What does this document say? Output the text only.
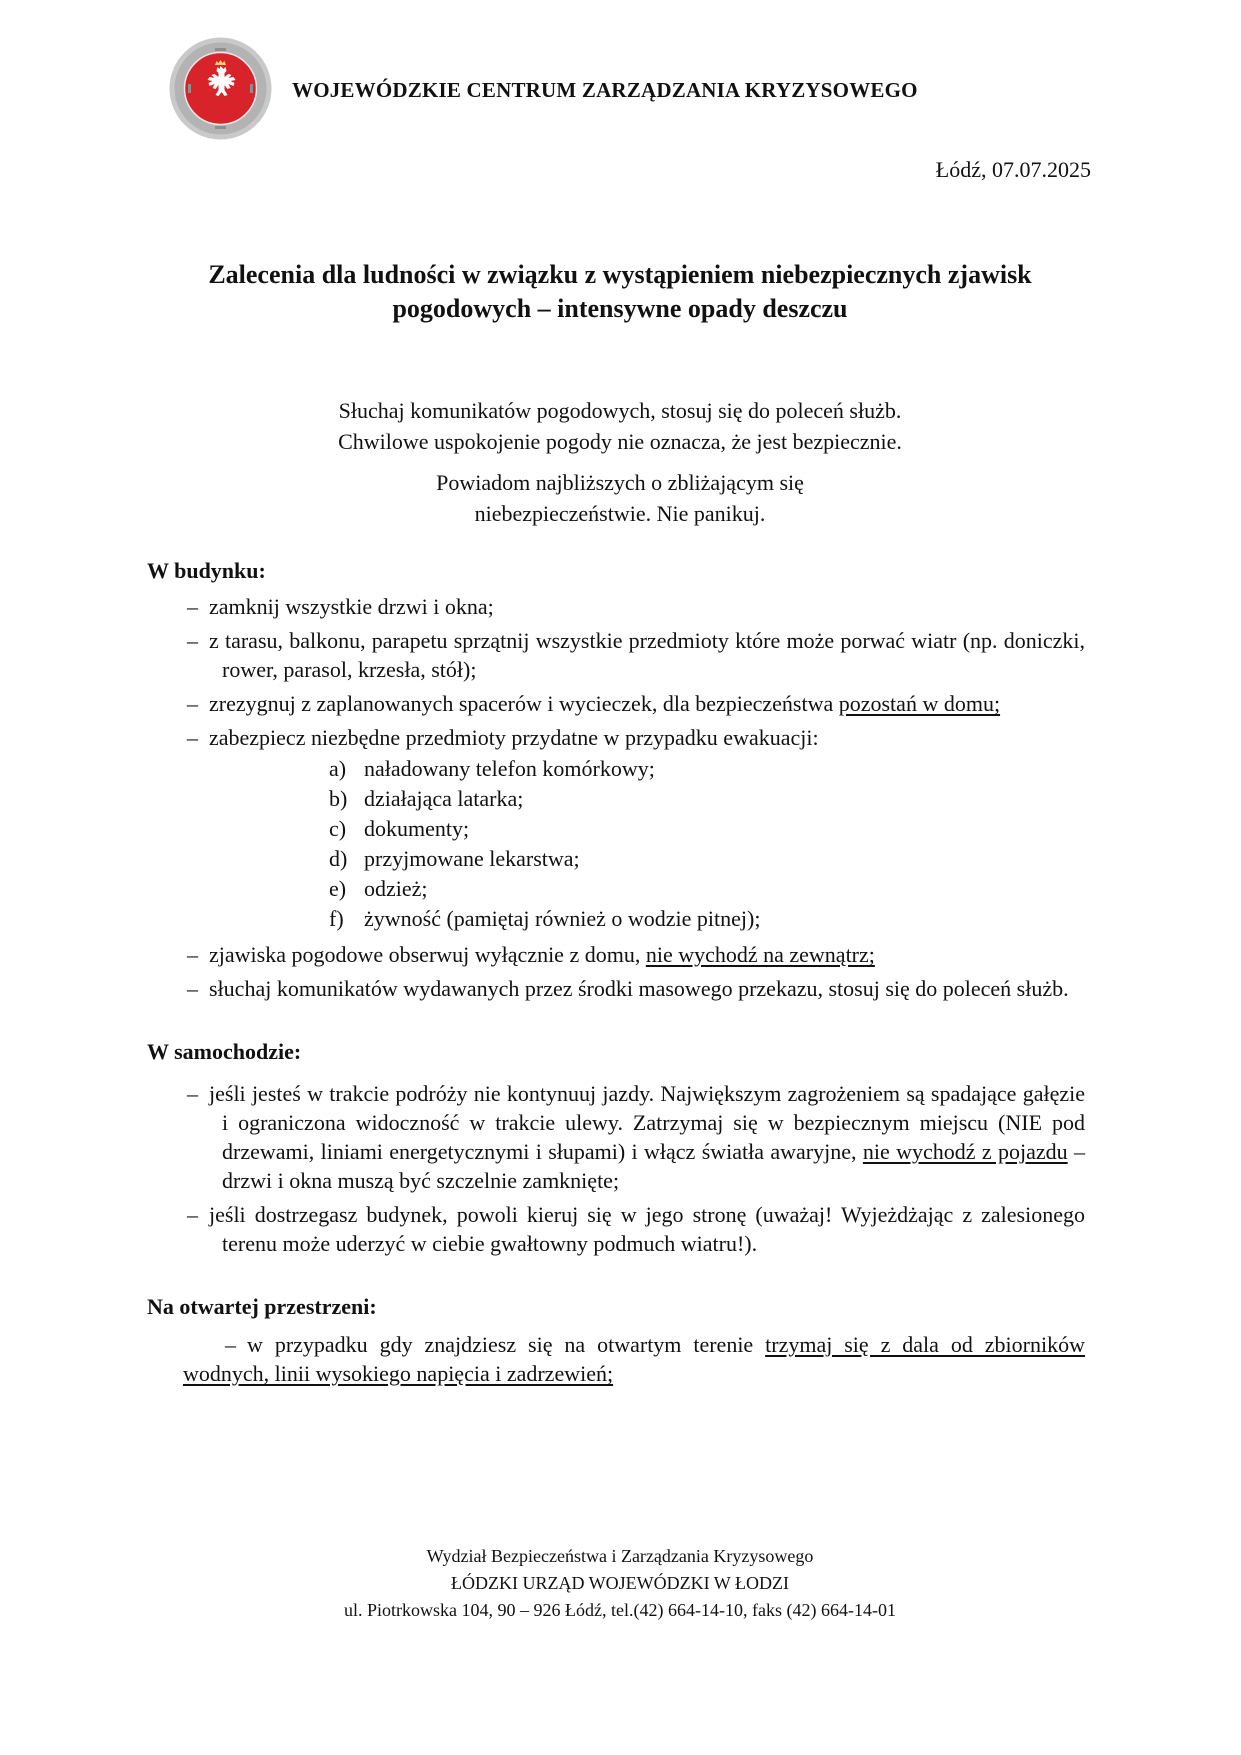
WOJEWÓDZKIE CENTRUM ZARZĄDZANIA KRYZYSOWEGO

Łódź, 07.07.2025

Zalecenia dla ludności w związku z wystąpieniem niebezpiecznych zjawisk
pogodowych – intensywne opady deszczu

Słuchaj komunikatów pogodowych, stosuj się do poleceń służb.

Chwilowe uspokojenie pogody nie oznacza, że jest bezpiecznie.

Powiadom najbliższych o zbliżającym się

niebezpieczeństwie. Nie panikuj.

W budynku:

– zamknij wszystkie drzwi i okna;
– z tarasu, balkonu, parapetu sprzątnij wszystkie przedmioty które może porwać wiatr (np. doniczki, rower, parasol, krzesła, stół);
– zrezygnuj z zaplanowanych spacerów i wycieczek, dla bezpieczeństwa pozostań w domu;
– zabezpiecz niezbędne przedmioty przydatne w przypadku ewakuacji:
a) naładowany telefon komórkowy;
b) działająca latarka;
c) dokumenty;
d) przyjmowane lekarstwa;
e) odzież;
f) żywność (pamiętaj również o wodzie pitnej);
– zjawiska pogodowe obserwuj wyłącznie z domu, nie wychodź na zewnątrz;
– słuchaj komunikatów wydawanych przez środki masowego przekazu, stosuj się do poleceń służb.

W samochodzie:

– jeśli jesteś w trakcie podróży nie kontynuuj jazdy. Największym zagrożeniem są spadające gałęzie i ograniczona widoczność w trakcie ulewy. Zatrzymaj się w bezpiecznym miejscu (NIE pod drzewami, liniami energetycznymi i słupami) i włącz światła awaryjne, nie wychodź z pojazdu – drzwi i okna muszą być szczelnie zamknięte;
– jeśli dostrzegasz budynek, powoli kieruj się w jego stronę (uważaj! Wyjeżdżając z zalesionego terenu może uderzyć w ciebie gwałtowny podmuch wiatru!).

Na otwartej przestrzeni:

– w przypadku gdy znajdziesz się na otwartym terenie trzymaj się z dala od zbiorników wodnych, linii wysokiego napięcia i zadrzewień;

Wydział Bezpieczeństwa i Zarządzania Kryzysowego

ŁÓDZKI URZĄD WOJEWÓDZKI W ŁODZI

ul. Piotrkowska 104, 90 – 926 Łódź, tel.(42) 664-14-10, faks (42) 664-14-01
